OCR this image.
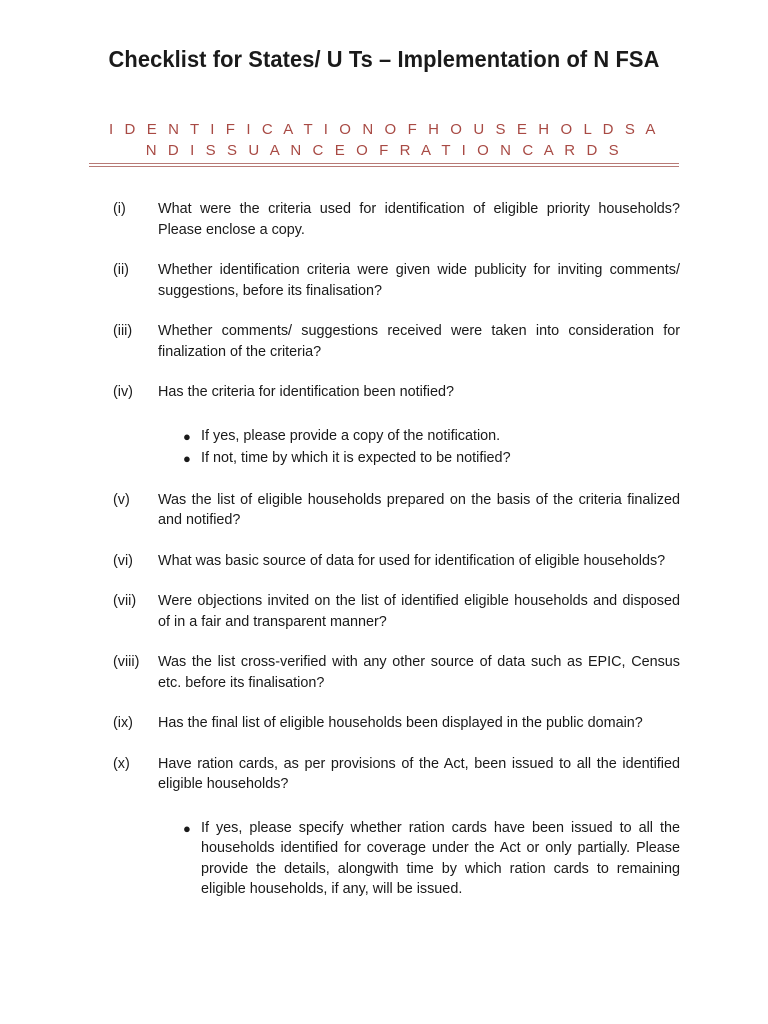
Checklist for States/ U Ts – Implementation of N FSA
I D E N T I F I C A T I O N O F H O U S E H O L D S A N D I S S U A N C E O F R A T I O N C A R D S
(i)	What were the criteria used for identification of eligible priority households? Please enclose a copy.
(ii)	Whether identification criteria were given wide publicity for inviting comments/ suggestions, before its finalisation?
(iii)	Whether comments/ suggestions received were taken into consideration for finalization of the criteria?
(iv)	Has the criteria for identification been notified?
● If yes, please provide a copy of the notification.
● If not, time by which it is expected to be notified?
(v)	Was the list of eligible households prepared on the basis of the criteria finalized and notified?
(vi)	What was basic source of data for used for identification of eligible households?
(vii)	Were objections invited on the list of identified eligible households and disposed of in a fair and transparent manner?
(viii)	Was the list cross-verified with any other source of data such as EPIC, Census etc. before its finalisation?
(ix)	Has the final list of eligible households been displayed in the public domain?
(x)	Have ration cards, as per provisions of the Act, been issued to all the identified eligible households?
● If yes, please specify whether ration cards have been issued to all the households identified for coverage under the Act or only partially. Please provide the details, alongwith time by which ration cards to remaining eligible households, if any, will be issued.
